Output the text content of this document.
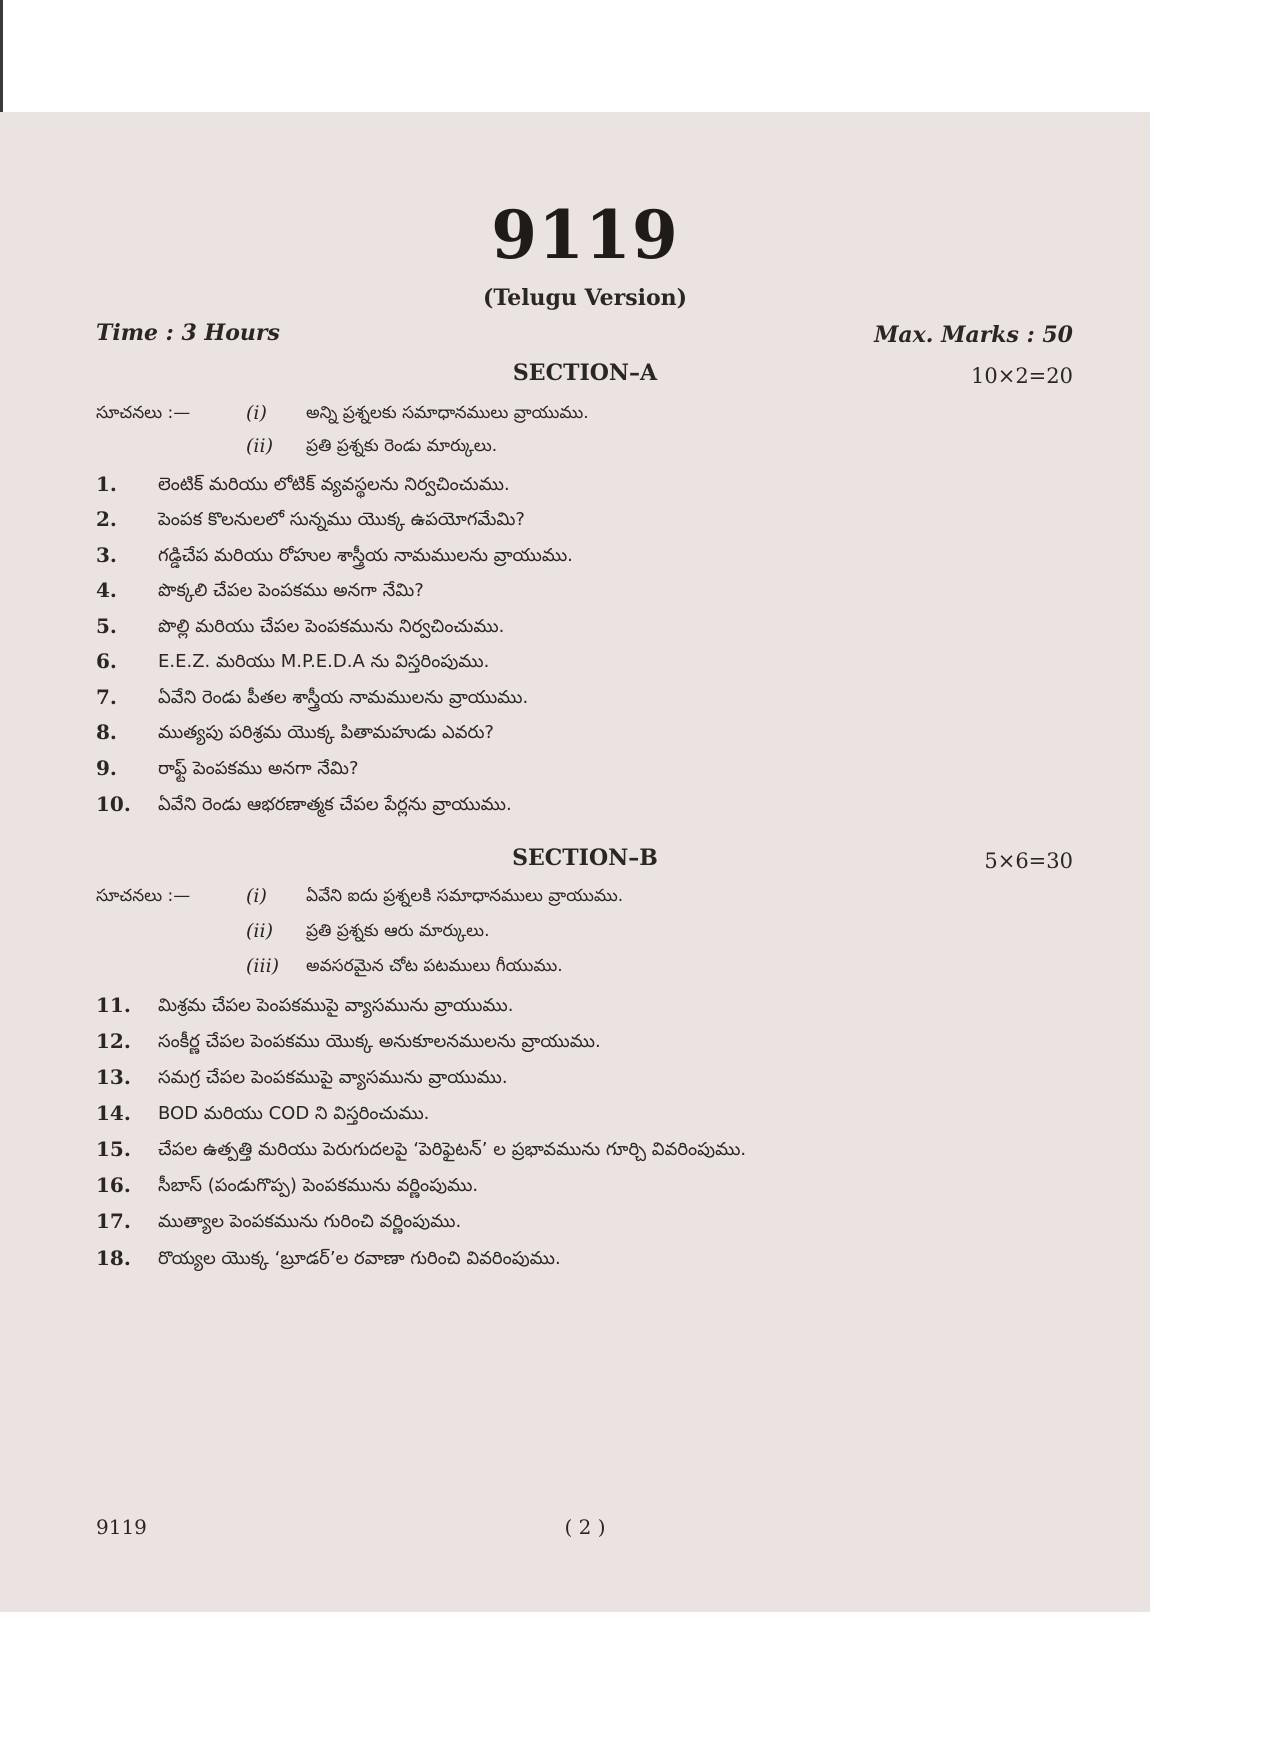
9119
(Telugu Version)
Time : 3 Hours	Max. Marks : 50
SECTION–A	10×2=20
సూచనలు :—	(i) అన్ని ప్రశ్నలకు సమాధానములు వ్రాయుము.
(ii) ప్రతి ప్రశ్నకు రెండు మార్కులు.
1. లెంటిక్ మరియు లోటిక్ వ్యవస్థలను నిర్వచించుము.
2. పెంపక కొలనులలో సున్నము యొక్క ఉపయోగమేమి?
3. గడ్డిచేప మరియు రోహుల శాస్త్రీయ నామములను వ్రాయుము.
4. పొక్కలి చేపల పెంపకము అనగా నేమి?
5. పొల్లి మరియు చేపల పెంపకమును నిర్వచించుము.
6. E.E.Z. మరియు M.P.E.D.A ను విస్తరింపుము.
7. ఏవేని రెండు పీతల శాస్త్రీయ నామములను వ్రాయుము.
8. ముత్యపు పరిశ్రమ యొక్క పితామహుడు ఎవరు?
9. రాఫ్ట్ పెంపకము అనగా నేమి?
10. ఏవేని రెండు ఆభరణాత్మక చేపల పేర్లను వ్రాయుము.
SECTION–B	5×6=30
సూచనలు :—	(i) ఏవేని ఐదు ప్రశ్నలకి సమాధానములు వ్రాయుము.
(ii) ప్రతి ప్రశ్నకు ఆరు మార్కులు.
(iii) అవసరమైన చోట పటములు గీయుము.
11. మిశ్రమ చేపల పెంపకముపై వ్యాసమును వ్రాయుము.
12. సంకీర్ణ చేపల పెంపకము యొక్క అనుకూలనములను వ్రాయుము.
13. సమగ్ర చేపల పెంపకముపై వ్యాసమును వ్రాయుము.
14. BOD మరియు COD ని విస్తరించుము.
15. చేపల ఉత్పత్తి మరియు పెరుగుదలపై ‘పెరిఫైటన్’ ల ప్రభావమును గూర్చి వివరింపుము.
16. సీబాస్ (పండుగొప్ప) పెంపకమును వర్ణింపుము.
17. ముత్యాల పెంపకమును గురించి వర్ణింపుము.
18. రొయ్యల యొక్క ‘బ్రూడర్’ల రవాణా గురించి వివరింపుము.
9119	( 2 )
